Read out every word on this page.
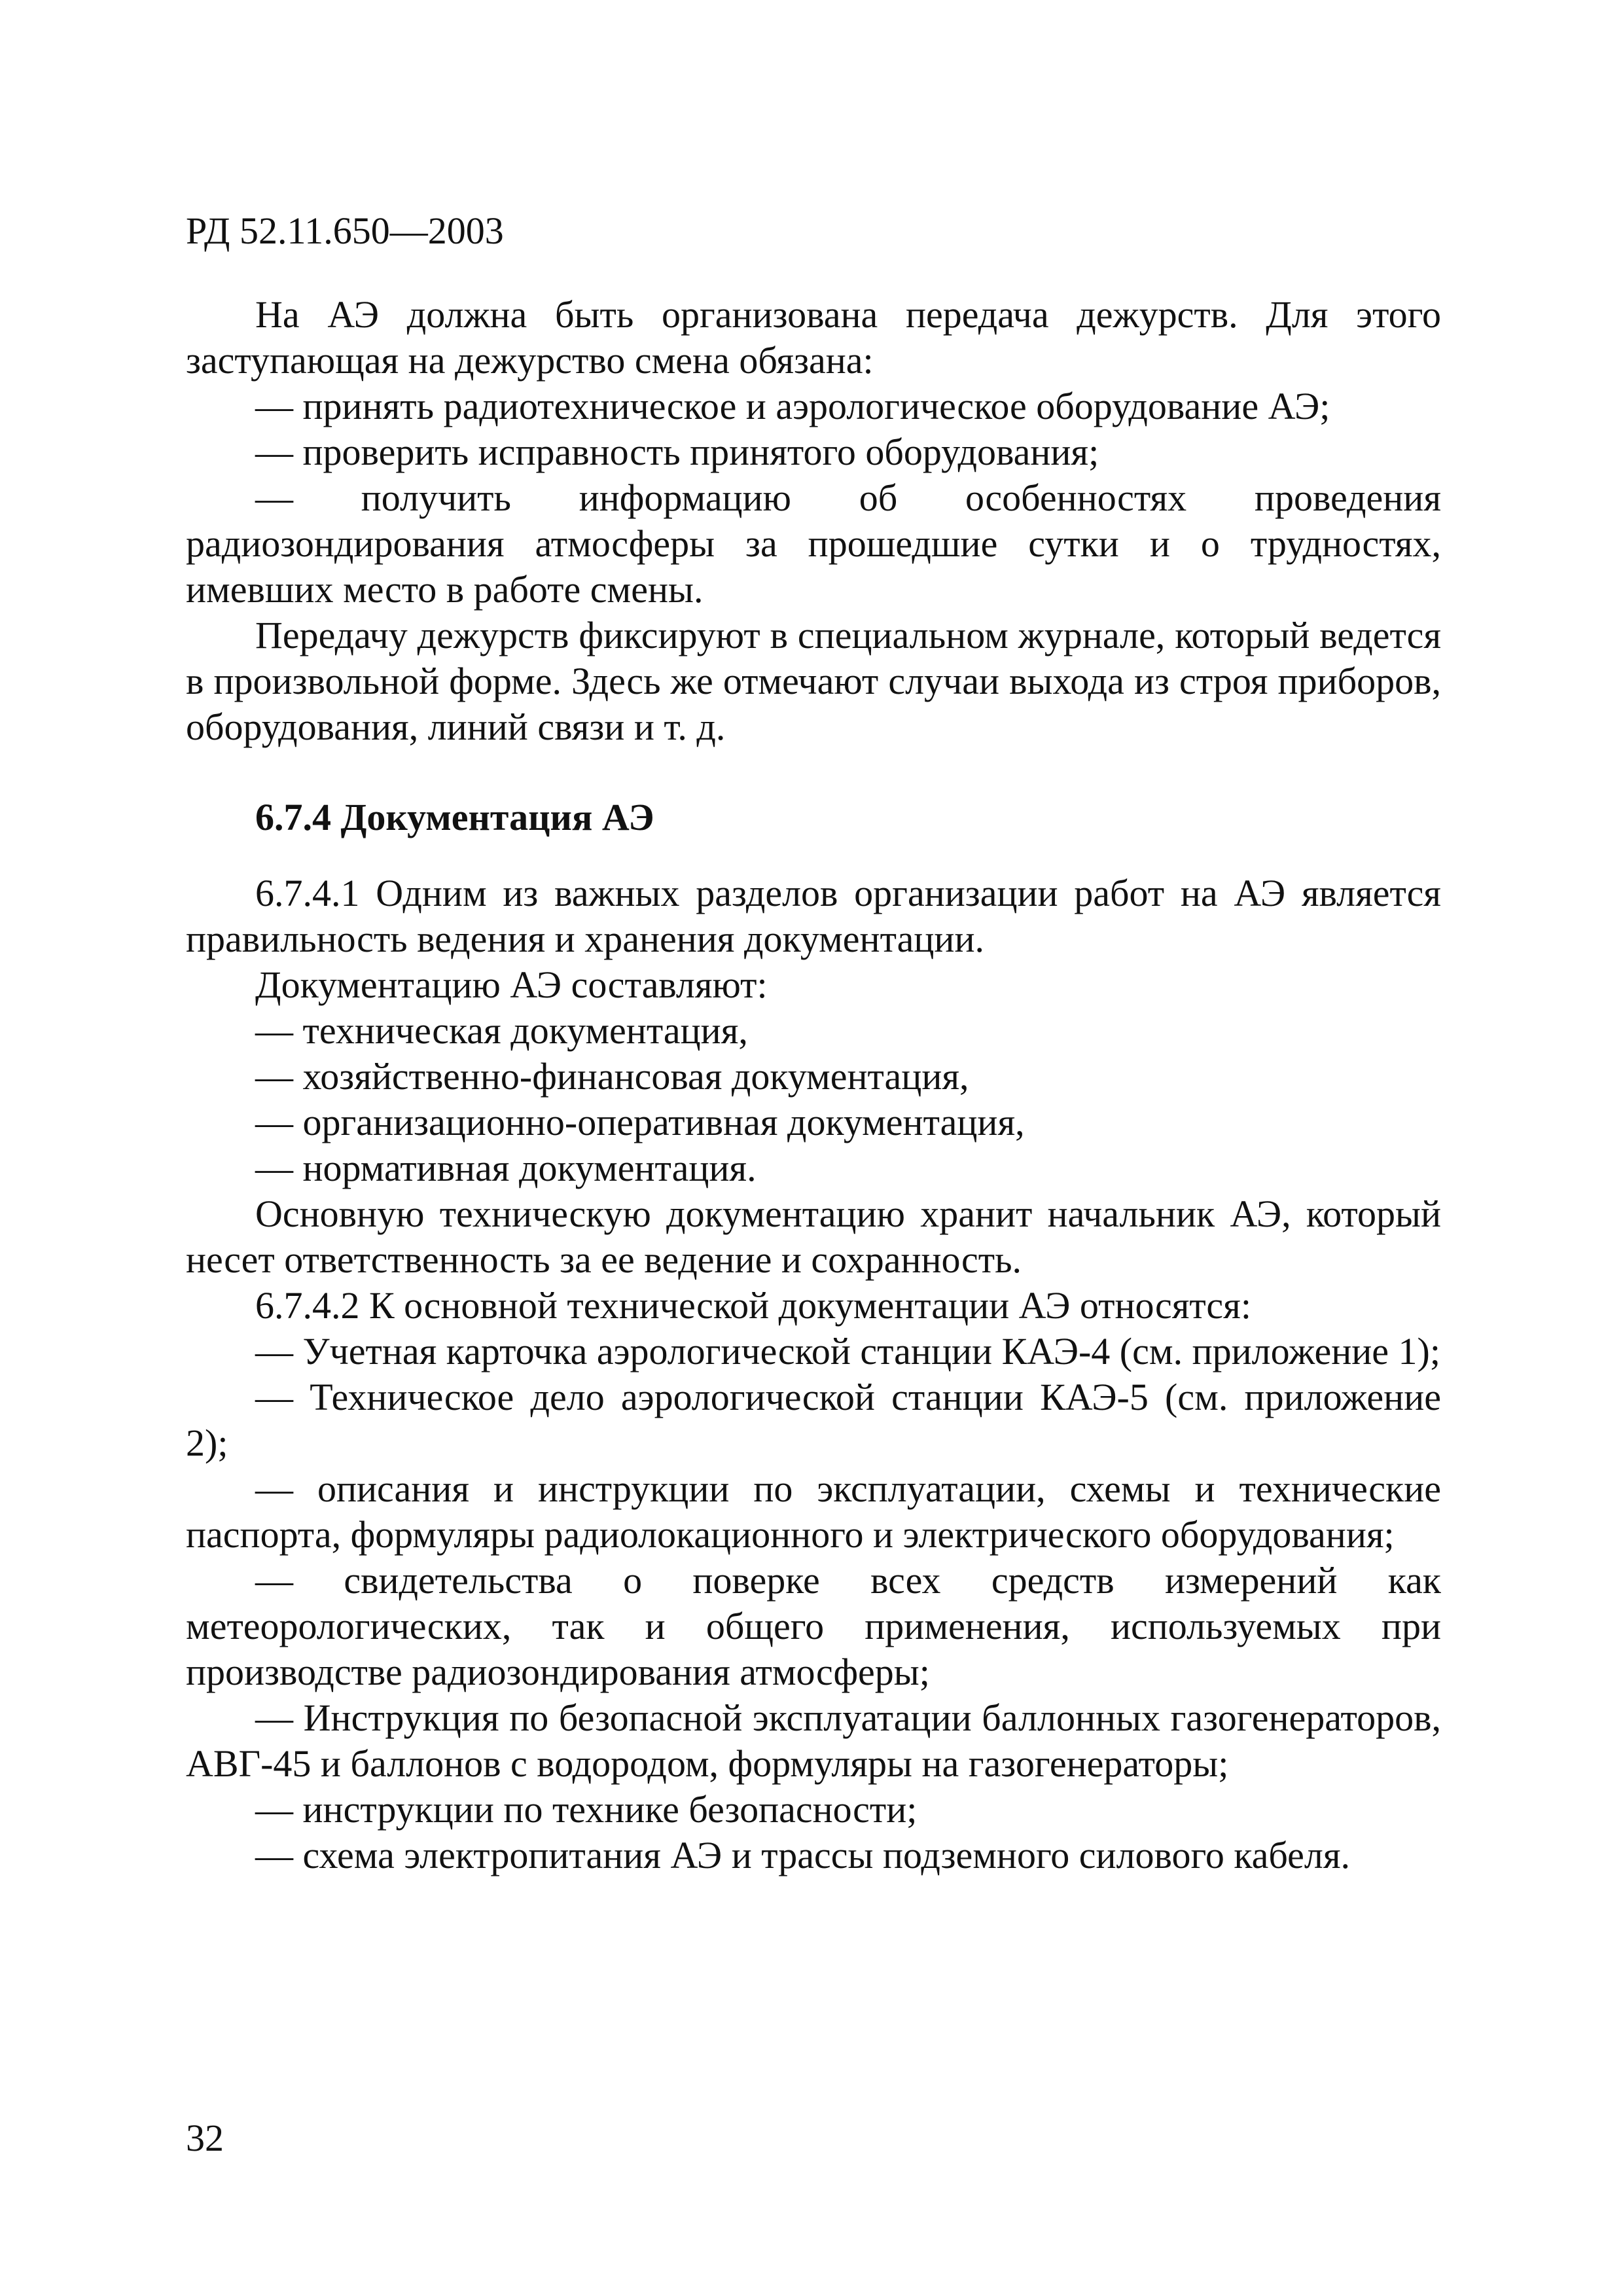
РД 52.11.650—2003

На АЭ должна быть организована передача дежурств. Для этого заступающая на дежурство смена обязана:

— принять радиотехническое и аэрологическое оборудование АЭ;

— проверить исправность принятого оборудования;

— получить информацию об особенностях проведения радиозондирования атмосферы за прошедшие сутки и о трудностях, имевших место в работе смены.

Передачу дежурств фиксируют в специальном журнале, который ведется в произвольной форме. Здесь же отмечают случаи выхода из строя приборов, оборудования, линий связи и т. д.

6.7.4 Документация АЭ

6.7.4.1 Одним из важных разделов организации работ на АЭ является правильность ведения и хранения документации.

Документацию АЭ составляют:

— техническая документация,

— хозяйственно-финансовая документация,

— организационно-оперативная документация,

— нормативная документация.

Основную техническую документацию хранит начальник АЭ, который несет ответственность за ее ведение и сохранность.

6.7.4.2 К основной технической документации АЭ относятся:

— Учетная карточка аэрологической станции КАЭ-4 (см. приложение 1);

— Техническое дело аэрологической станции КАЭ-5 (см. приложение 2);

— описания и инструкции по эксплуатации, схемы и технические паспорта, формуляры радиолокационного и электрического оборудования;

— свидетельства о поверке всех средств измерений как метеорологических, так и общего применения, используемых при производстве радиозондирования атмосферы;

— Инструкция по безопасной эксплуатации баллонных газогенераторов, АВГ-45 и баллонов с водородом, формуляры на газогенераторы;

— инструкции по технике безопасности;

— схема электропитания АЭ и трассы подземного силового кабеля.

32
